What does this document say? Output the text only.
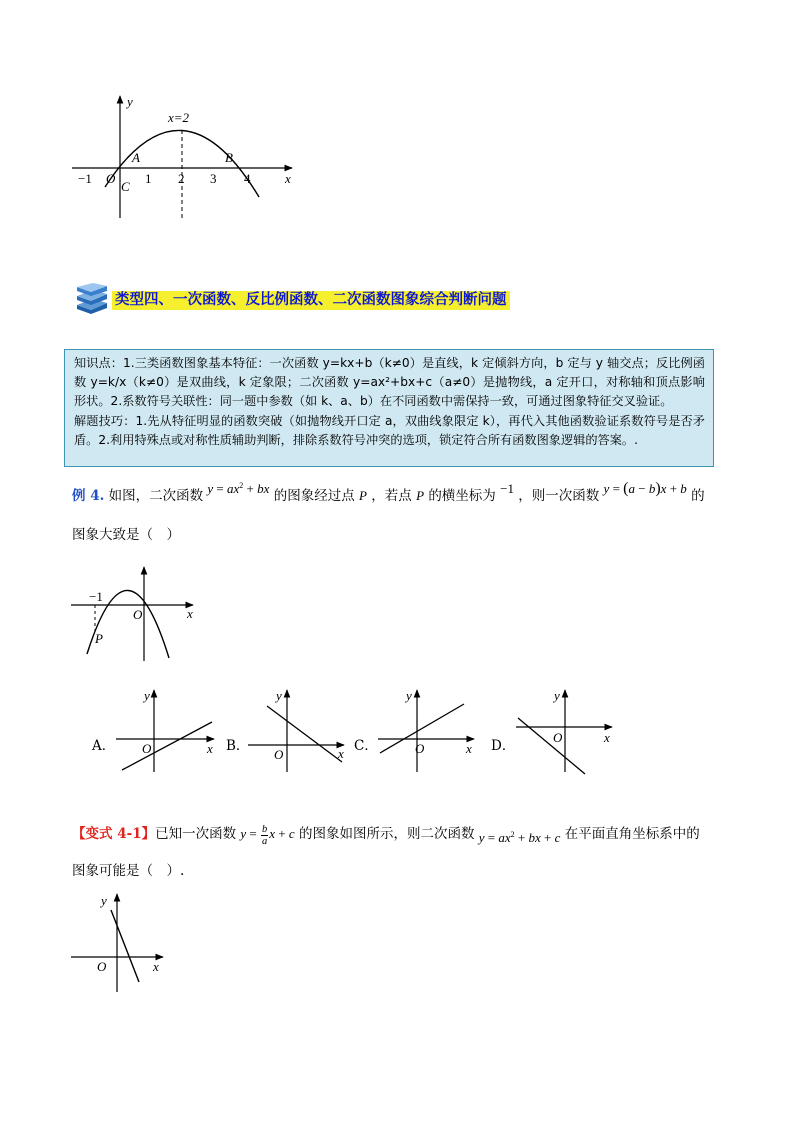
y
x
x=2
O
−1	1 2 3 4
A	B
C
类型四、一次函数、反比例函数、二次函数图象综合判断问题

知识点：1.三类函数图象基本特征：一次函数 y=kx+b（k≠0）是直线，k 定倾斜方向，b 定与 y 轴交点；反比例函数 y=k/x（k≠0）是双曲线，k 定象限；二次函数 y=ax²+bx+c（a≠0）是抛物线，a 定开口，对称轴和顶点影响形状。2.系数符号关联性：同一题中参数（如 k、a、b）在不同函数中需保持一致，可通过图象特征交叉验证。

解题技巧：1.先从特征明显的函数突破（如抛物线开口定 a，双曲线象限定 k），再代入其他函数验证系数符号是否矛盾。2.利用特殊点或对称性质辅助判断，排除系数符号冲突的选项，锁定符合所有函数图象逻辑的答案。.

例 4. 如图，二次函数 $y = ax^2$ + bx 的图象经过点 P ，若点 P 的横坐标为 −1 ，则一次函数 y = (a − b)x + b 的
图象大致是（　）
−1
O	x
P
A．
y
x
O	B．
y
x
O
C．
y
x
O	D．
y
x
O
【变式 4-1】已知一次函数 $y = \frac{b}{a}$ x + c 的图象如图所示，则二次函数 $y = ax^2$ + bx + c 在平面直角坐标系中的
图象可能是（　）.
y
x
O
